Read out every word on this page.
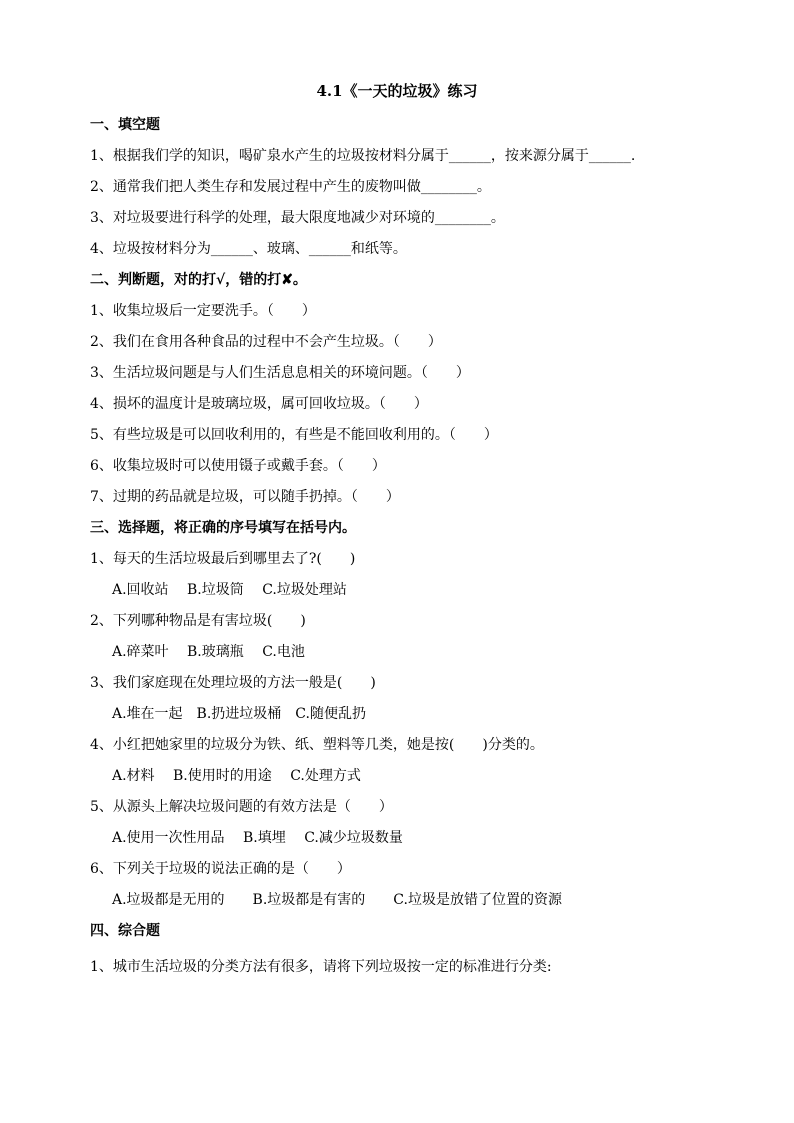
4.1《一天的垃圾》练习
一、填空题
1、根据我们学的知识，喝矿泉水产生的垃圾按材料分属于______，按来源分属于______.
2、通常我们把人类生存和发展过程中产生的废物叫做________。
3、对垃圾要进行科学的处理，最大限度地减少对环境的________。
4、垃圾按材料分为______、玻璃、______和纸等。
二、判断题，对的打√，错的打✘。
1、收集垃圾后一定要洗手。（　　）
2、我们在食用各种食品的过程中不会产生垃圾。（　　）
3、生活垃圾问题是与人们生活息息相关的环境问题。（　　）
4、损坏的温度计是玻璃垃圾，属可回收垃圾。（　　）
5、有些垃圾是可以回收利用的，有些是不能回收利用的。（　　）
6、收集垃圾时可以使用镊子或戴手套。（　　）
7、过期的药品就是垃圾，可以随手扔掉。（　　）
三、选择题，将正确的序号填写在括号内。
1、每天的生活垃圾最后到哪里去了?(　　)
A.回收站　 B.垃圾筒　 C.垃圾处理站
2、下列哪种物品是有害垃圾(　　)
A.碎菜叶　 B.玻璃瓶　 C.电池
3、我们家庭现在处理垃圾的方法一般是(　　)
A.堆在一起　B.扔进垃圾桶　C.随便乱扔
4、小红把她家里的垃圾分为铁、纸、塑料等几类，她是按(　　)分类的。
A.材料　 B.使用时的用途　 C.处理方式
5、从源头上解决垃圾问题的有效方法是（　　）
A.使用一次性用品　 B.填埋　 C.减少垃圾数量
6、下列关于垃圾的说法正确的是（　　）
A.垃圾都是无用的　　B.垃圾都是有害的　　C.垃圾是放错了位置的资源
四、综合题
1、城市生活垃圾的分类方法有很多，请将下列垃圾按一定的标准进行分类:
